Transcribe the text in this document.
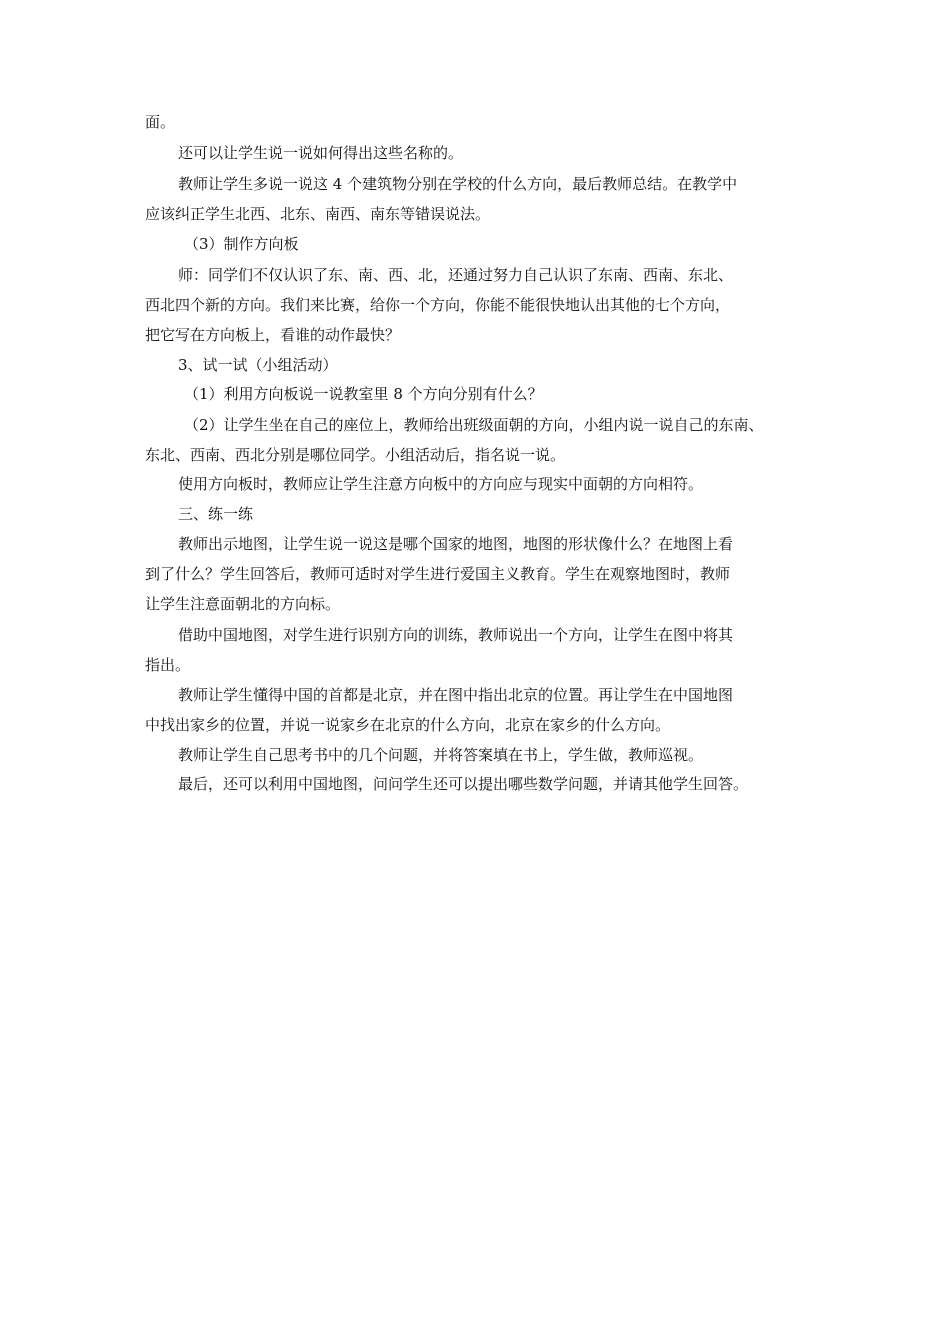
面。
还可以让学生说一说如何得出这些名称的。
教师让学生多说一说这 4 个建筑物分别在学校的什么方向，最后教师总结。在教学中
应该纠正学生北西、北东、南西、南东等错误说法。
（3）制作方向板
师：同学们不仅认识了东、南、西、北，还通过努力自己认识了东南、西南、东北、
西北四个新的方向。我们来比赛，给你一个方向，你能不能很快地认出其他的七个方向，
把它写在方向板上，看谁的动作最快？
3、试一试（小组活动）
（1）利用方向板说一说教室里 8 个方向分别有什么？
（2）让学生坐在自己的座位上，教师给出班级面朝的方向，小组内说一说自己的东南、
东北、西南、西北分别是哪位同学。小组活动后，指名说一说。
使用方向板时，教师应让学生注意方向板中的方向应与现实中面朝的方向相符。
三、练一练
教师出示地图，让学生说一说这是哪个国家的地图，地图的形状像什么？在地图上看
到了什么？学生回答后，教师可适时对学生进行爱国主义教育。学生在观察地图时，教师
让学生注意面朝北的方向标。
借助中国地图，对学生进行识别方向的训练，教师说出一个方向，让学生在图中将其
指出。
教师让学生懂得中国的首都是北京，并在图中指出北京的位置。再让学生在中国地图
中找出家乡的位置，并说一说家乡在北京的什么方向，北京在家乡的什么方向。
教师让学生自己思考书中的几个问题，并将答案填在书上，学生做，教师巡视。
最后，还可以利用中国地图，问问学生还可以提出哪些数学问题，并请其他学生回答。
